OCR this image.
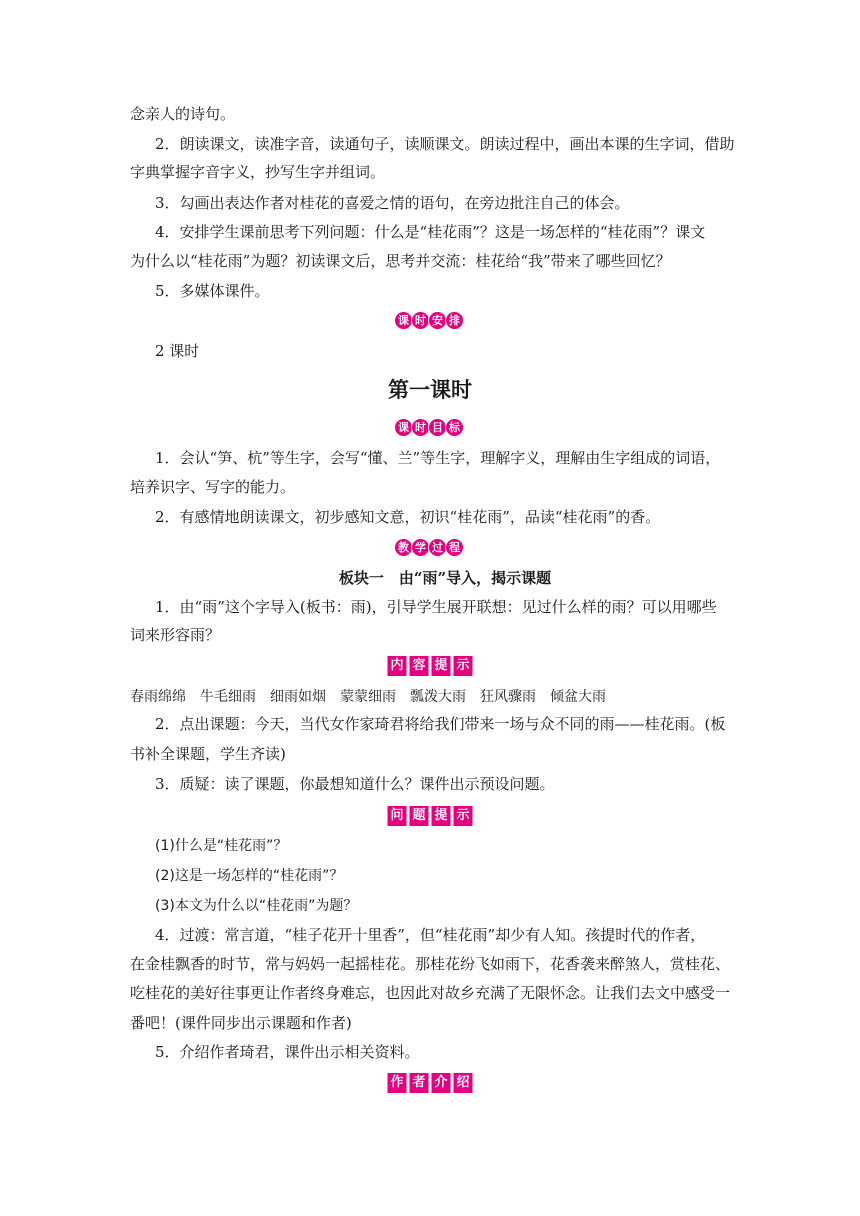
念亲人的诗句。
2．朗读课文，读准字音，读通句子，读顺课文。朗读过程中，画出本课的生字词，借助
字典掌握字音字义，抄写生字并组词。
3．勾画出表达作者对桂花的喜爱之情的语句，在旁边批注自己的体会。
4．安排学生课前思考下列问题：什么是“桂花雨”？这是一场怎样的“桂花雨”？课文
为什么以“桂花雨”为题？初读课文后，思考并交流：桂花给“我”带来了哪些回忆？
5．多媒体课件。
课 时 安 排
2 课时
第一课时
课 时 目 标
1．会认“笋、杭”等生字，会写“懂、兰”等生字，理解字义，理解由生字组成的词语，
培养识字、写字的能力。
2．有感情地朗读课文，初步感知文意，初识“桂花雨”，品读“桂花雨”的香。
教 学 过 程
板块一　由“雨”导入，揭示课题
1．由“雨”这个字导入(板书：雨)，引导学生展开联想：见过什么样的雨？可以用哪些
词来形容雨？
内 容 提 示
春雨绵绵　牛毛细雨　细雨如烟　蒙蒙细雨　瓢泼大雨　狂风骤雨　倾盆大雨
2．点出课题：今天，当代女作家琦君将给我们带来一场与众不同的雨——桂花雨。(板
书补全课题，学生齐读)
3．质疑：读了课题，你最想知道什么？课件出示预设问题。
问 题 提 示
(1)什么是“桂花雨”？
(2)这是一场怎样的“桂花雨”？
(3)本文为什么以“桂花雨”为题？
4．过渡：常言道，“桂子花开十里香”，但“桂花雨”却少有人知。孩提时代的作者，
在金桂飘香的时节，常与妈妈一起摇桂花。那桂花纷飞如雨下，花香袭来醉煞人，赏桂花、
吃桂花的美好往事更让作者终身难忘，也因此对故乡充满了无限怀念。让我们去文中感受一
番吧！(课件同步出示课题和作者)
5．介绍作者琦君，课件出示相关资料。
作 者 介 绍
